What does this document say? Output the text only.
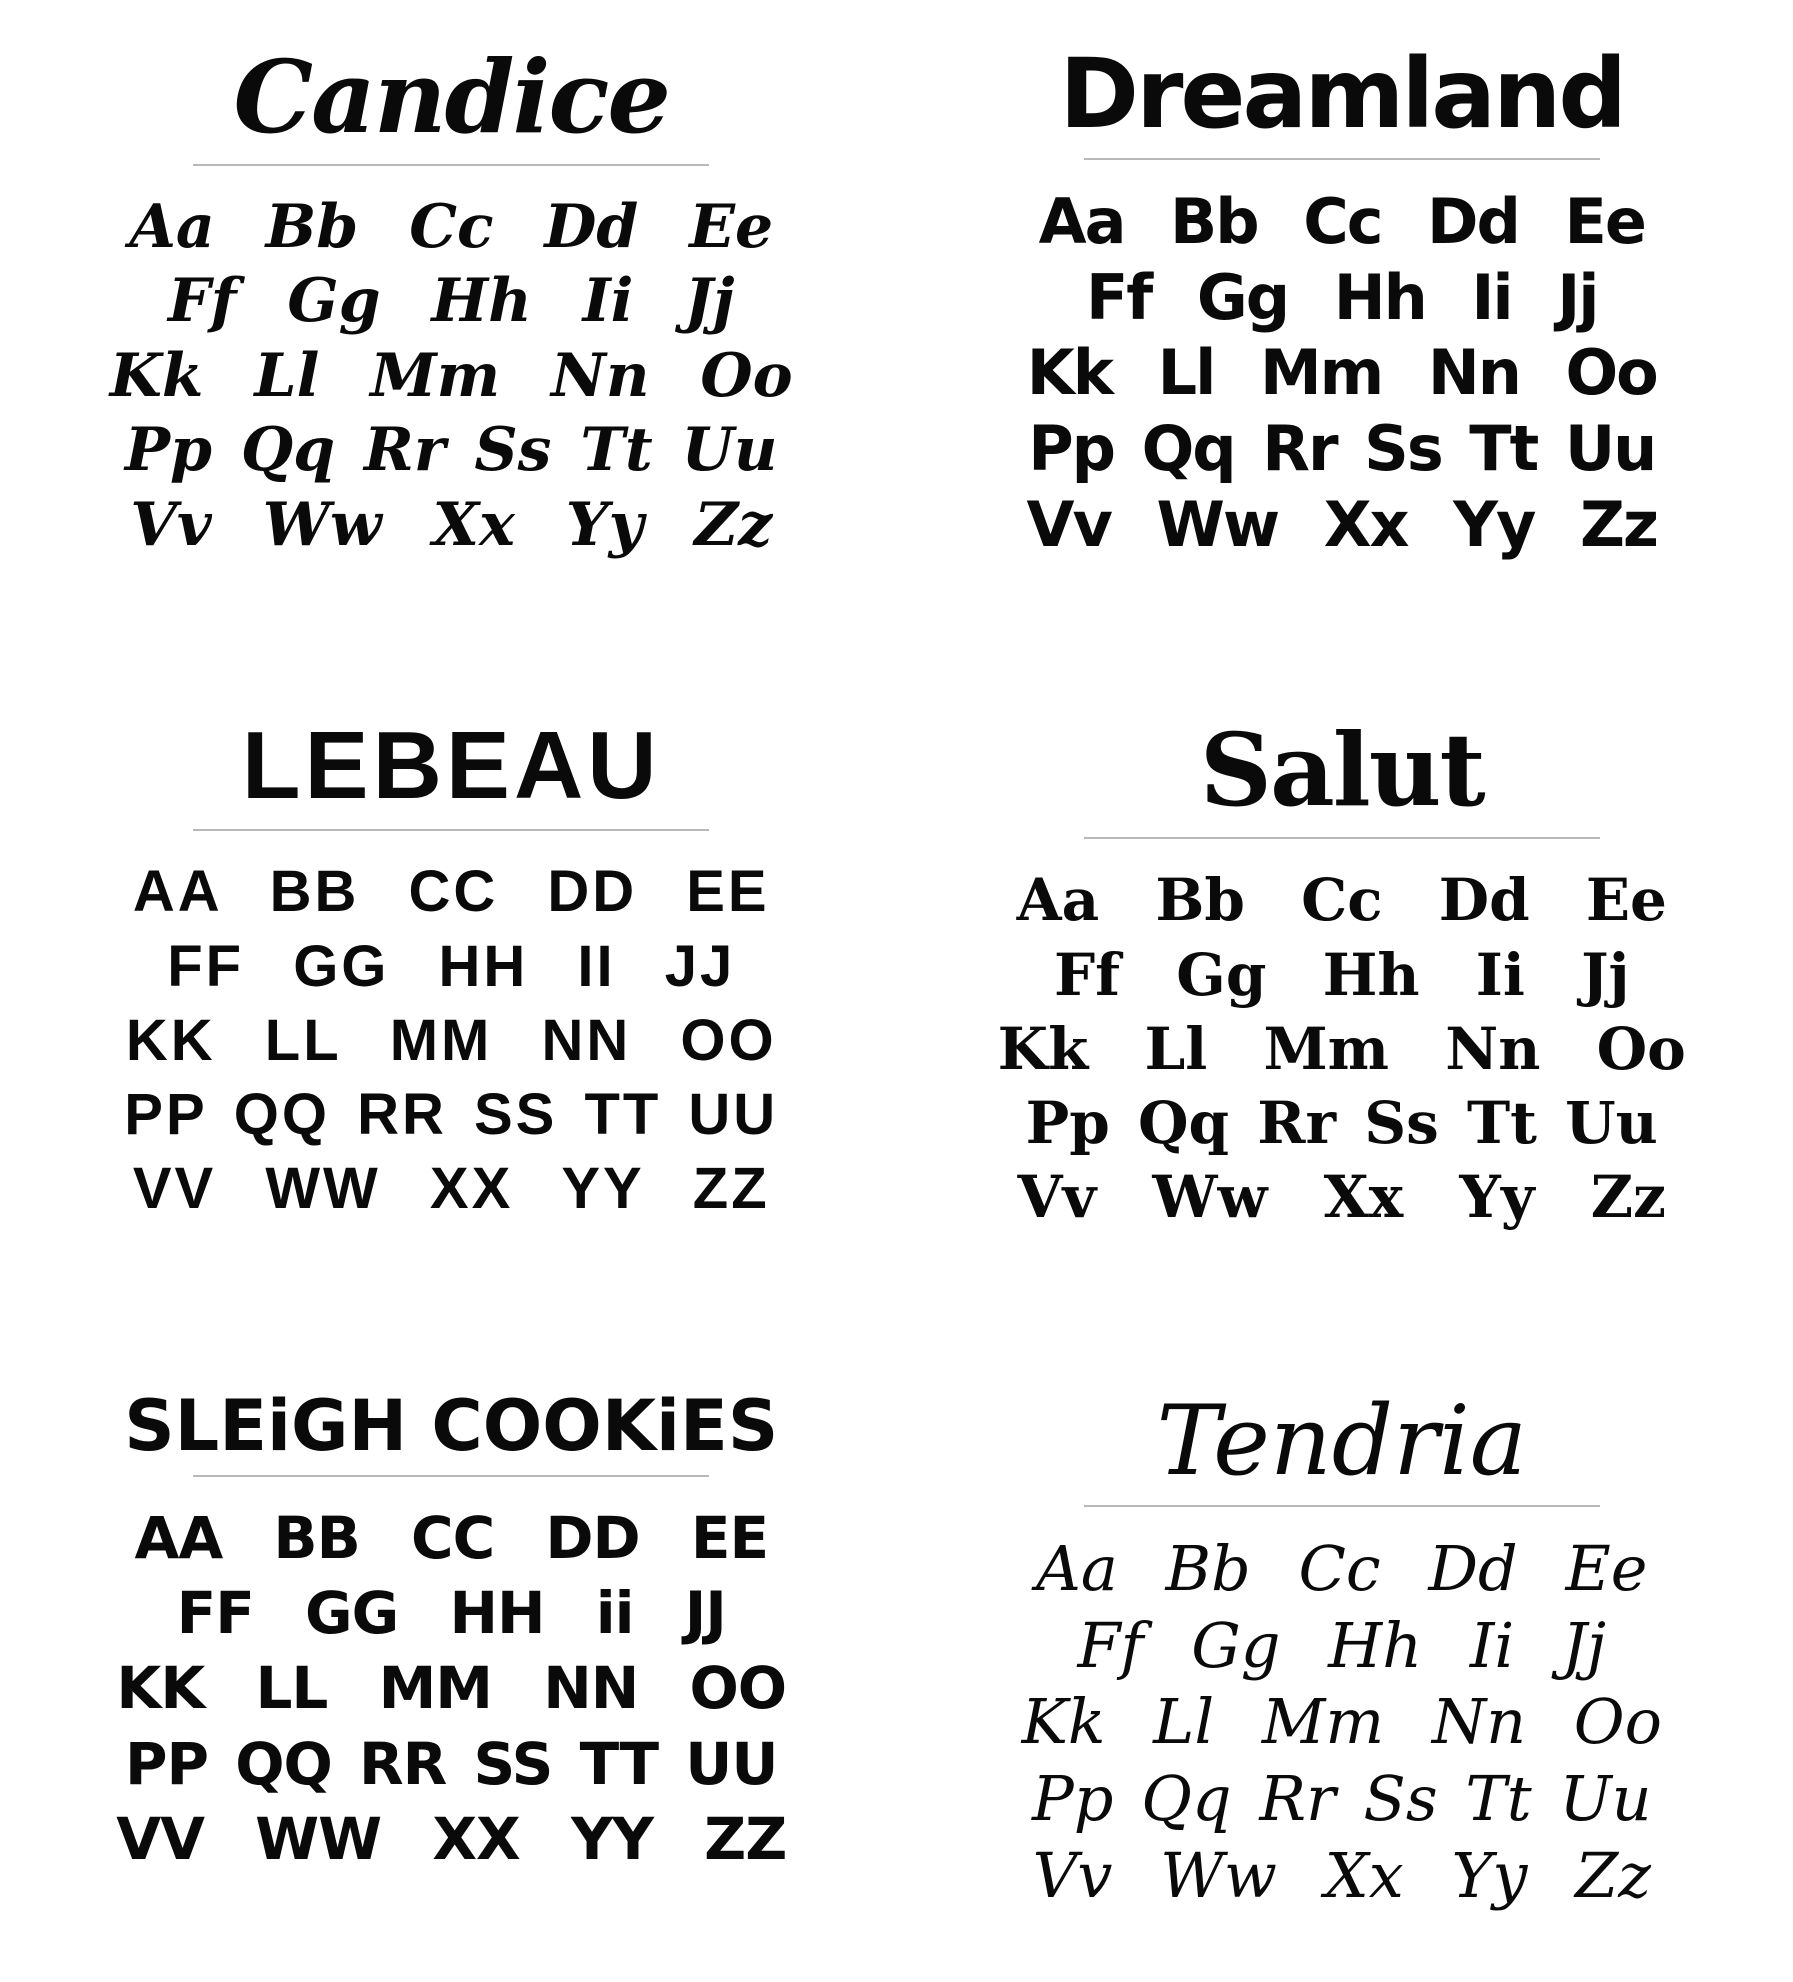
Candice
Aa Bb Cc Dd Ee
Ff Gg Hh Ii Jj
Kk Ll Mm Nn Oo
Pp Qq Rr Ss Tt Uu
Vv Ww Xx Yy Zz
Dreamland
Aa Bb Cc Dd Ee
Ff Gg Hh Ii Jj
Kk Ll Mm Nn Oo
Pp Qq Rr Ss Tt Uu
Vv Ww Xx Yy Zz
LEBEAU
AA BB CC DD EE
FF GG HH II JJ
KK LL MM NN OO
PP QQ RR SS TT UU
VV WW XX YY ZZ
Salut
Aa Bb Cc Dd Ee
Ff Gg Hh Ii Jj
Kk Ll Mm Nn Oo
Pp Qq Rr Ss Tt Uu
Vv Ww Xx Yy Zz
SLEiGH COOKiES
AA BB CC DD EE
FF GG HH ii JJ
KK LL MM NN OO
PP QQ RR SS TT UU
VV WW XX YY ZZ
Tendria
Aa Bb Cc Dd Ee
Ff Gg Hh Ii Jj
Kk Ll Mm Nn Oo
Pp Qq Rr Ss Tt Uu
Vv Ww Xx Yy Zz
